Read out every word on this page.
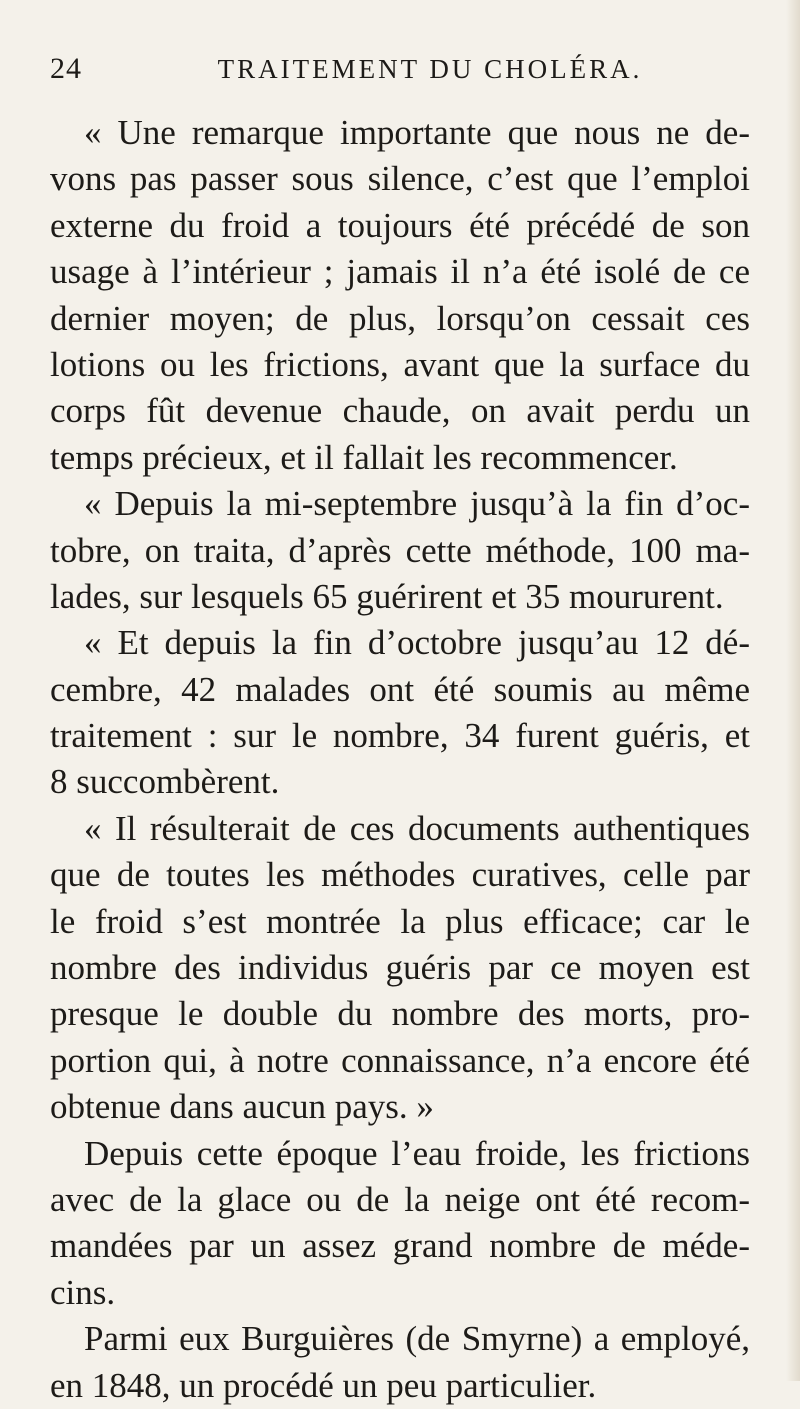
24	TRAITEMENT DU CHOLÉRA.
« Une remarque importante que nous ne de-
vons pas passer sous silence, c’est que l’emploi
externe du froid a toujours été précédé de son
usage à l’intérieur ; jamais il n’a été isolé de ce
dernier moyen; de plus, lorsqu’on cessait ces
lotions ou les frictions, avant que la surface du
corps fût devenue chaude, on avait perdu un
temps précieux, et il fallait les recommencer.
« Depuis la mi-septembre jusqu’à la fin d’oc-
tobre, on traita, d’après cette méthode, 100 ma-
lades, sur lesquels 65 guérirent et 35 moururent.
« Et depuis la fin d’octobre jusqu’au 12 dé-
cembre, 42 malades ont été soumis au même
traitement : sur le nombre, 34 furent guéris, et
8 succombèrent.
« Il résulterait de ces documents authentiques
que de toutes les méthodes curatives, celle par
le froid s’est montrée la plus efficace; car le
nombre des individus guéris par ce moyen est
presque le double du nombre des morts, pro-
portion qui, à notre connaissance, n’a encore été
obtenue dans aucun pays. »
Depuis cette époque l’eau froide, les frictions
avec de la glace ou de la neige ont été recom-
mandées par un assez grand nombre de méde-
cins.
Parmi eux Burguières (de Smyrne) a employé,
en 1848, un procédé un peu particulier.
